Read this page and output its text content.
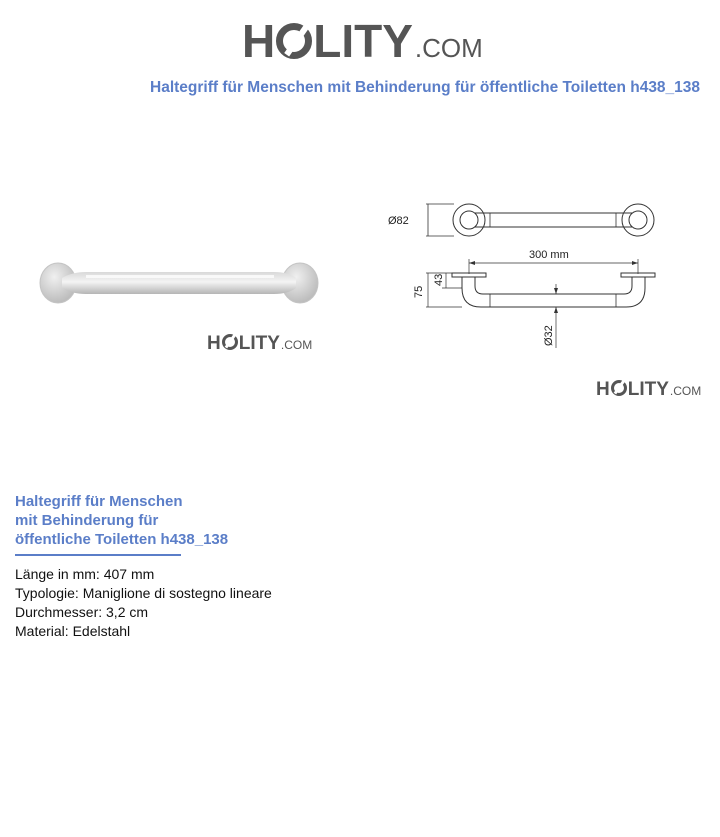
H LITY .COM
Haltegriff für Menschen mit Behinderung für öffentliche Toiletten h438_138
H LITY .COM
Ø82
300 mm
75
43
Ø32
H LITY .COM
Haltegriff für Menschen
mit Behinderung für
öffentliche Toiletten h438_138
Länge in mm: 407 mm
Typologie: Maniglione di sostegno lineare
Durchmesser: 3,2 cm
Material: Edelstahl
